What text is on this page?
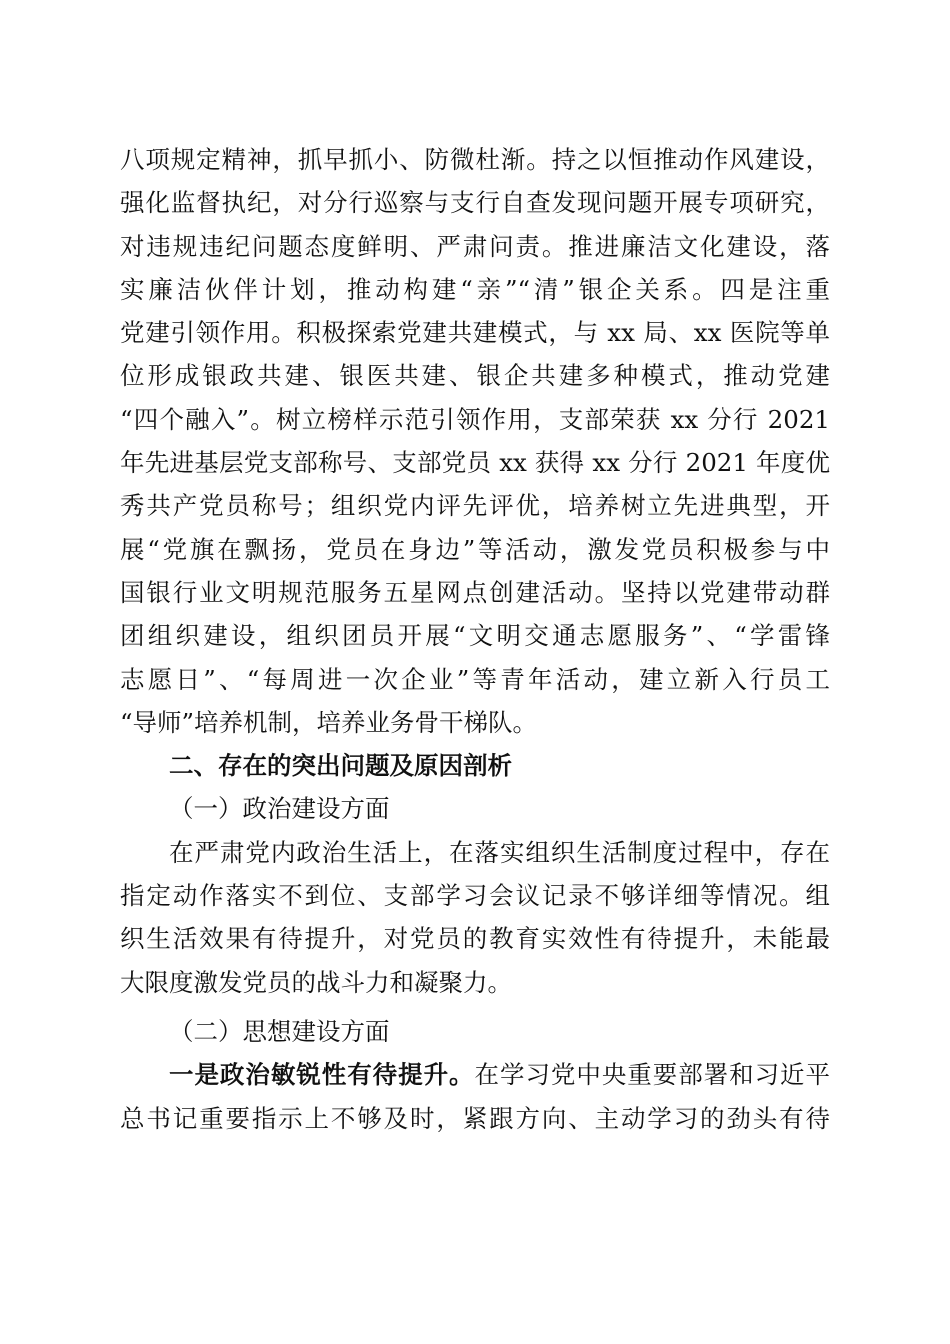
八项规定精神，抓早抓小、防微杜渐。持之以恒推动作风建设，
强化监督执纪，对分行巡察与支行自查发现问题开展专项研究，
对违规违纪问题态度鲜明、严肃问责。推进廉洁文化建设，落
实廉洁伙伴计划，推动构建“亲”“清”银企关系。四是注重
党建引领作用。积极探索党建共建模式，与 xx 局、xx 医院等单
位形成银政共建、银医共建、银企共建多种模式，推动党建
“四个融入”。树立榜样示范引领作用，支部荣获 xx 分行 2021
年先进基层党支部称号、支部党员 xx 获得 xx 分行 2021 年度优
秀共产党员称号；组织党内评先评优，培养树立先进典型，开
展“党旗在飘扬，党员在身边”等活动，激发党员积极参与中
国银行业文明规范服务五星网点创建活动。坚持以党建带动群
团组织建设，组织团员开展“文明交通志愿服务”、“学雷锋
志愿日”、“每周进一次企业”等青年活动，建立新入行员工
“导师”培养机制，培养业务骨干梯队。
二、存在的突出问题及原因剖析
（一）政治建设方面
在严肃党内政治生活上，在落实组织生活制度过程中，存在
指定动作落实不到位、支部学习会议记录不够详细等情况。组
织生活效果有待提升，对党员的教育实效性有待提升，未能最
大限度激发党员的战斗力和凝聚力。
（二）思想建设方面
一是政治敏锐性有待提升。在学习党中央重要部署和习近平
总书记重要指示上不够及时，紧跟方向、主动学习的劲头有待
